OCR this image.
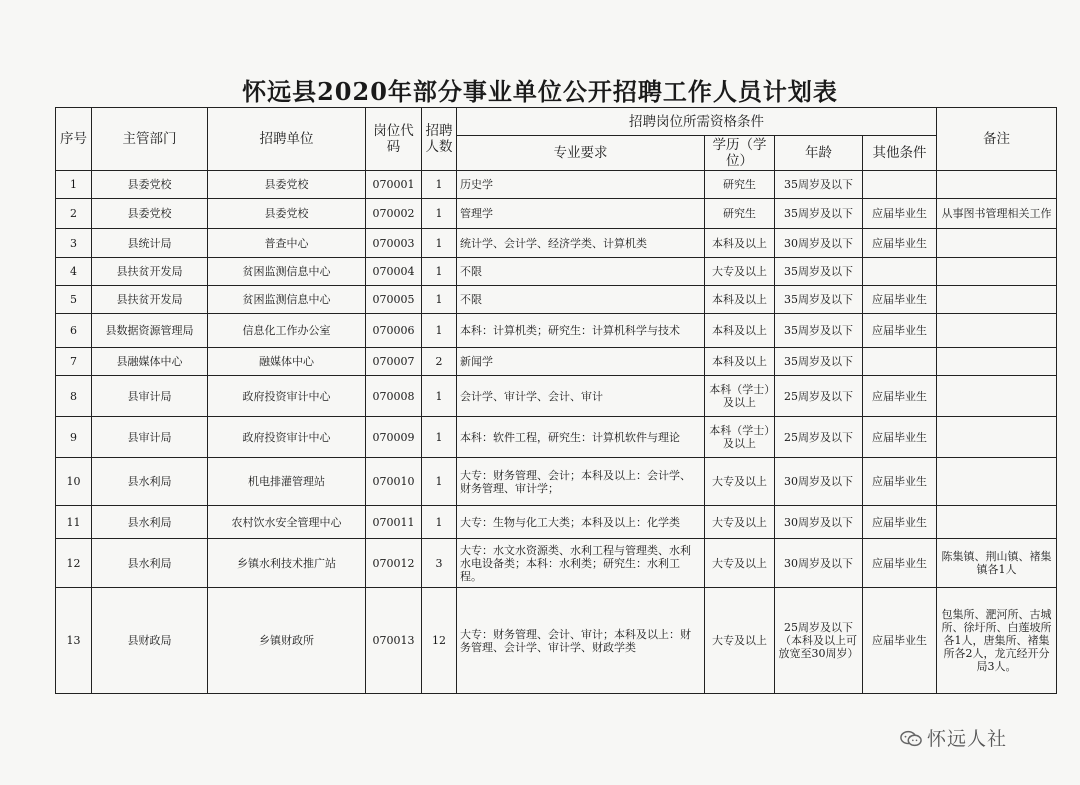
怀远县2020年部分事业单位公开招聘工作人员计划表
序号	主管部门	招聘单位	岗位代码	招聘人数	招聘岗位所需资格条件				备注
					专业要求	学历（学位）	年龄	其他条件	
1	县委党校	县委党校	070001	1	历史学	研究生	35周岁及以下		
2	县委党校	县委党校	070002	1	管理学	研究生	35周岁及以下	应届毕业生	从事图书管理相关工作
3	县统计局	普查中心	070003	1	统计学、会计学、经济学类、计算机类	本科及以上	30周岁及以下	应届毕业生	
4	县扶贫开发局	贫困监测信息中心	070004	1	不限	大专及以上	35周岁及以下		
5	县扶贫开发局	贫困监测信息中心	070005	1	不限	本科及以上	35周岁及以下	应届毕业生	
6	县数据资源管理局	信息化工作办公室	070006	1	本科：计算机类；研究生：计算机科学与技术	本科及以上	35周岁及以下	应届毕业生	
7	县融媒体中心	融媒体中心	070007	2	新闻学	本科及以上	35周岁及以下		
8	县审计局	政府投资审计中心	070008	1	会计学、审计学、会计、审计	本科（学士）及以上	25周岁及以下	应届毕业生	
9	县审计局	政府投资审计中心	070009	1	本科：软件工程，研究生：计算机软件与理论	本科（学士）及以上	25周岁及以下	应届毕业生	
10	县水利局	机电排灌管理站	070010	1	大专：财务管理、会计；本科及以上：会计学、财务管理、审计学；	大专及以上	30周岁及以下	应届毕业生	
11	县水利局	农村饮水安全管理中心	070011	1	大专：生物与化工大类；本科及以上：化学类	大专及以上	30周岁及以下	应届毕业生	
12	县水利局	乡镇水利技术推广站	070012	3	大专：水文水资源类、水利工程与管理类、水利水电设备类；本科：水利类；研究生：水利工程。	大专及以上	30周岁及以下	应届毕业生	陈集镇、荆山镇、褚集镇各1人
13	县财政局	乡镇财政所	070013	12	大专：财务管理、会计、审计；本科及以上：财务管理、会计学、审计学、财政学类	大专及以上	25周岁及以下（本科及以上可放宽至30周岁）	应届毕业生	包集所、淝河所、古城所、徐圩所、白莲坡所各1人，唐集所、褚集所各2人，龙亢经开分局3人。
怀远人社
